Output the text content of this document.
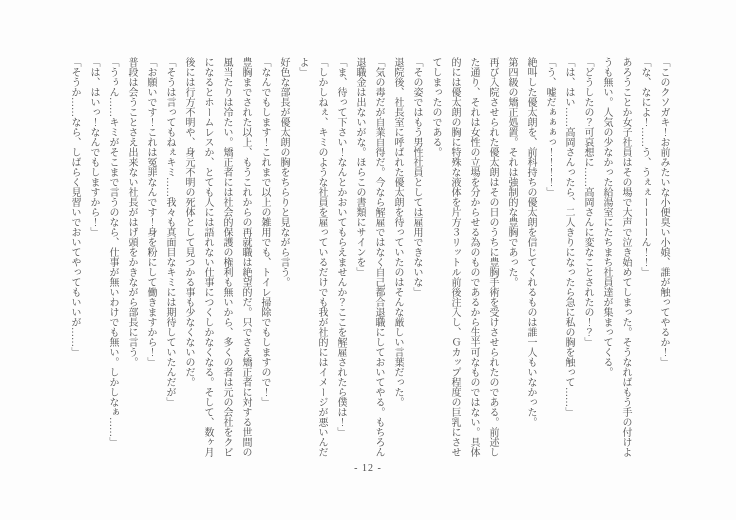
「このクソガキ！お前みたいな小便臭い小娘、誰が触ってやるか！」

「な、なによ！……う、うぇぇーーーーん！！」

あろうことか女子社員はその場で大声で泣き始めてしまった。そうなればもう手の付けようも無い。人気の少なかった給湯室にたちまち社員達が集まってくる。

「どうしたの？可哀想に……高岡さんに変なことされたの！？」

「は、はい……高岡さんったら、二人きりになったら急に私の胸を触って……」

「う、嘘だぁぁぁっ！！！！」

絶叫した優太朗を、前科持ちの優太朗を信じてくれるものは誰一人もいなかった。

第四級の矯正処置。それは強制的な豊胸であった。

再び入院させられた優太朗はその日のうちに豊胸手術を受けさせられたのである。前述した通り、それは女性の立場を分からせる為のものであるから生半可なものではない。具体的には優太朗の胸に特殊な液体を片方３リットル前後注入し、Ｇカップ程度の巨乳にさせてしまったのである。

「その姿ではもう男性社員としては雇用できないな」

退院後、社長室に呼ばれた優太朗を待っていたのはそんな厳しい言葉だった。

「気の毒だが自業自得だ。今なら解雇ではなく自己都合退職にしておいてやる。もちろん退職金は出ないがな。ほらこの書類にサインを」

「ま、待って下さい！なんとかおいてもらえませんか？ここを解雇されたら僕は！」

「しかしねぇ、キミのような社員を雇っているだけでも我が社的にはイメージが悪いんだよ」

好色な部長が優太朗の胸をちらりと見ながら言う。

「なんでもします！これまで以上の雑用でも、トイレ掃除でもしますので！」

豊胸までされた以上、もうこれからの再就職は絶望的だ。只でさえ矯正者に対する世間の風当たりは冷たい。矯正者には社会的保護の権利も無いから、多くの者は元の会社をクビになるとホームレスか、とても人には語れない仕事につくしかなくなる。そして、数ヶ月後には行方不明や、身元不明の死体として見つかる事も少なくないのだ。

「そうは言ってもねぇキミ……我々も真面目なキミには期待していたんだが」

「お願いです！これは冤罪なんです！身を粉にして働きますから！」

普段は会うことさえ出来ない社長がはげ頭をかきながら部長に言う。

「うぅん……キミがそこまで言うのなら、仕事が無いわけでも無い。しかしなぁ……」

「は、はいっ！なんでもしますから！」

「そうか……なら、しばらく見習いでおいてやってもいいが……」

- 12 -
